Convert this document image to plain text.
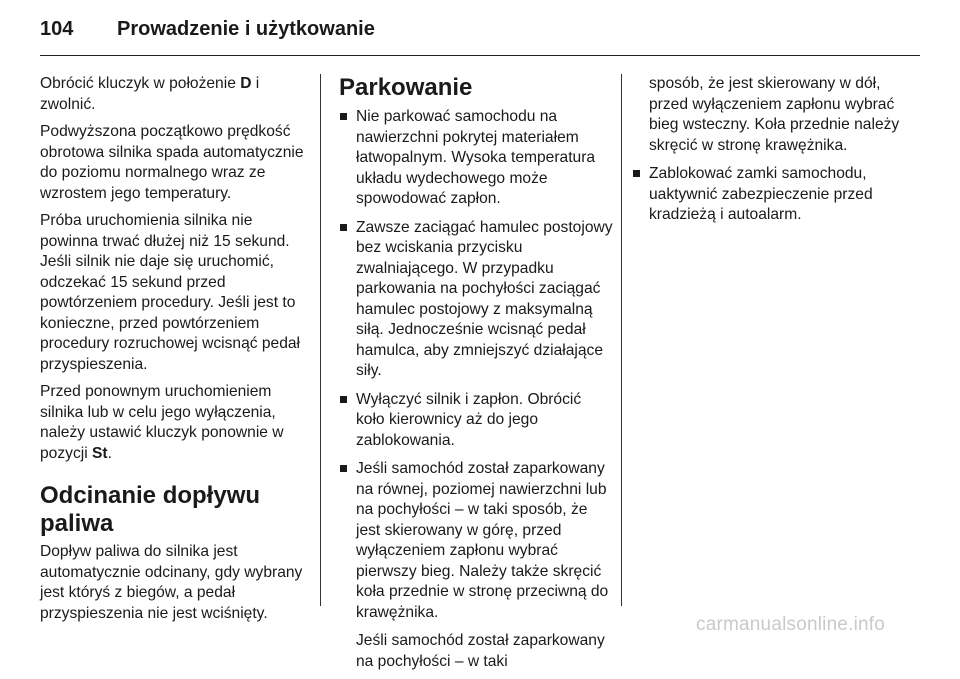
104 Prowadzenie i użytkowanie

Obrócić kluczyk w położenie D i zwolnić.

Podwyższona początkowo prędkość obrotowa silnika spada automatycznie do poziomu normalnego wraz ze wzrostem jego temperatury.

Próba uruchomienia silnika nie powinna trwać dłużej niż 15 sekund. Jeśli silnik nie daje się uruchomić, odczekać 15 sekund przed powtórzeniem procedury. Jeśli jest to konieczne, przed powtórzeniem procedury rozruchowej wcisnąć pedał przyspieszenia.

Przed ponownym uruchomieniem silnika lub w celu jego wyłączenia, należy ustawić kluczyk ponownie w pozycji St.

Odcinanie dopływu paliwa

Dopływ paliwa do silnika jest automatycznie odcinany, gdy wybrany jest któryś z biegów, a pedał przyspieszenia nie jest wciśnięty.

Parkowanie
Nie parkować samochodu na nawierzchni pokrytej materiałem łatwopalnym. Wysoka temperatura układu wydechowego może spowodować zapłon.
Zawsze zaciągać hamulec postojowy bez wciskania przycisku zwalniającego. W przypadku parkowania na pochyłości zaciągać hamulec postojowy z maksymalną siłą. Jednocześnie wcisnąć pedał hamulca, aby zmniejszyć działające siły.
Wyłączyć silnik i zapłon. Obrócić koło kierownicy aż do jego zablokowania.
Jeśli samochód został zaparkowany na równej, poziomej nawierzchni lub na pochyłości – w taki sposób, że jest skierowany w górę, przed wyłączeniem zapłonu wybrać pierwszy bieg. Należy także skręcić koła przednie w stronę przeciwną do krawężnika.

Jeśli samochód został zaparkowany na pochyłości – w taki

sposób, że jest skierowany w dół, przed wyłączeniem zapłonu wybrać bieg wsteczny. Koła przednie należy skręcić w stronę krawężnika.

Zablokować zamki samochodu, uaktywnić zabezpieczenie przed kradzieżą i autoalarm.
carmanualsonline.info
